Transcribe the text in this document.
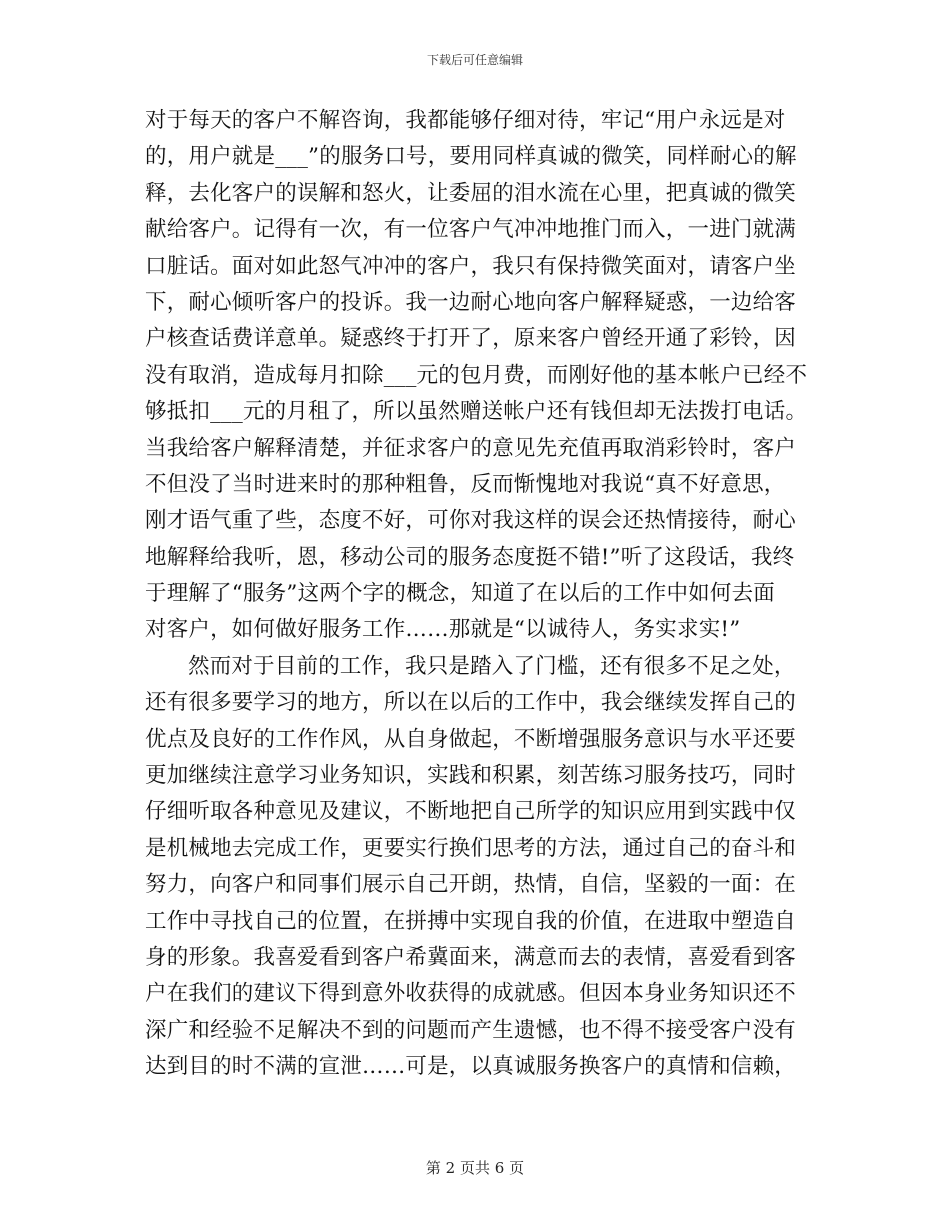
下载后可任意编辑
对于每天的客户不解咨询，我都能够仔细对待，牢记“用户永远是对
的，用户就是___”的服务口号，要用同样真诚的微笑，同样耐心的解
释，去化客户的误解和怒火，让委屈的泪水流在心里，把真诚的微笑
献给客户。记得有一次，有一位客户气冲冲地推门而入，一进门就满
口脏话。面对如此怒气冲冲的客户，我只有保持微笑面对，请客户坐
下，耐心倾听客户的投诉。我一边耐心地向客户解释疑惑，一边给客
户核查话费详意单。疑惑终于打开了，原来客户曾经开通了彩铃，因
没有取消，造成每月扣除___元的包月费，而刚好他的基本帐户已经不
够抵扣___元的月租了，所以虽然赠送帐户还有钱但却无法拨打电话。
当我给客户解释清楚，并征求客户的意见先充值再取消彩铃时，客户
不但没了当时进来时的那种粗鲁，反而惭愧地对我说“真不好意思，
刚才语气重了些，态度不好，可你对我这样的误会还热情接待，耐心
地解释给我听，恩，移动公司的服务态度挺不错!”听了这段话，我终
于理解了“服务”这两个字的概念，知道了在以后的工作中如何去面
对客户，如何做好服务工作……那就是“以诚待人，务实求实!”
然而对于目前的工作，我只是踏入了门槛，还有很多不足之处，
还有很多要学习的地方，所以在以后的工作中，我会继续发挥自己的
优点及良好的工作作风，从自身做起，不断增强服务意识与水平还要
更加继续注意学习业务知识，实践和积累，刻苦练习服务技巧，同时
仔细听取各种意见及建议，不断地把自己所学的知识应用到实践中仅
是机械地去完成工作，更要实行换们思考的方法，通过自己的奋斗和
努力，向客户和同事们展示自己开朗，热情，自信，坚毅的一面：在
工作中寻找自己的位置，在拼搏中实现自我的价值，在进取中塑造自
身的形象。我喜爱看到客户希冀面来，满意而去的表情，喜爱看到客
户在我们的建议下得到意外收获得的成就感。但因本身业务知识还不
深广和经验不足解决不到的问题而产生遗憾，也不得不接受客户没有
达到目的时不满的宣泄……可是，以真诚服务换客户的真情和信赖，
第 2 页共 6 页
